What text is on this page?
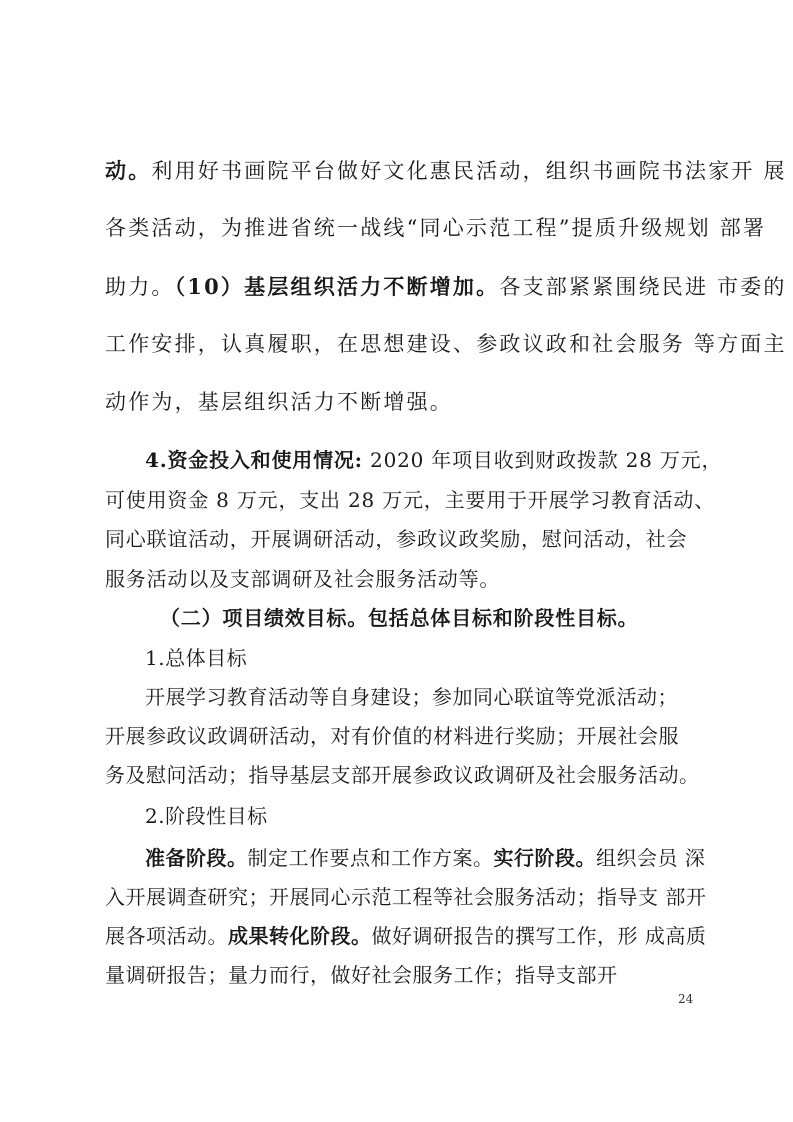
动。利用好书画院平台做好文化惠民活动，组织书画院书法家开 展

各类活动，为推进省统一战线“同心示范工程”提质升级规划 部署

助力。（10）基层组织活力不断增加。各支部紧紧围绕民进 市委的

工作安排，认真履职，在思想建设、参政议政和社会服务 等方面主

动作为，基层组织活力不断增强。

4.资金投入和使用情况: 2020 年项目收到财政拨款 28 万元，

可使用资金 8 万元，支出 28 万元，主要用于开展学习教育活动、

同心联谊活动，开展调研活动，参政议政奖励，慰问活动，社会

服务活动以及支部调研及社会服务活动等。

（二）项目绩效目标。包括总体目标和阶段性目标。

1.总体目标

开展学习教育活动等自身建设；参加同心联谊等党派活动；

开展参政议政调研活动，对有价值的材料进行奖励；开展社会服

务及慰问活动；指导基层支部开展参政议政调研及社会服务活动。

2.阶段性目标

准备阶段。制定工作要点和工作方案。实行阶段。组织会员 深

入开展调查研究；开展同心示范工程等社会服务活动；指导支 部开

展各项活动。成果转化阶段。做好调研报告的撰写工作，形 成高质

量调研报告；量力而行，做好社会服务工作；指导支部开

24
